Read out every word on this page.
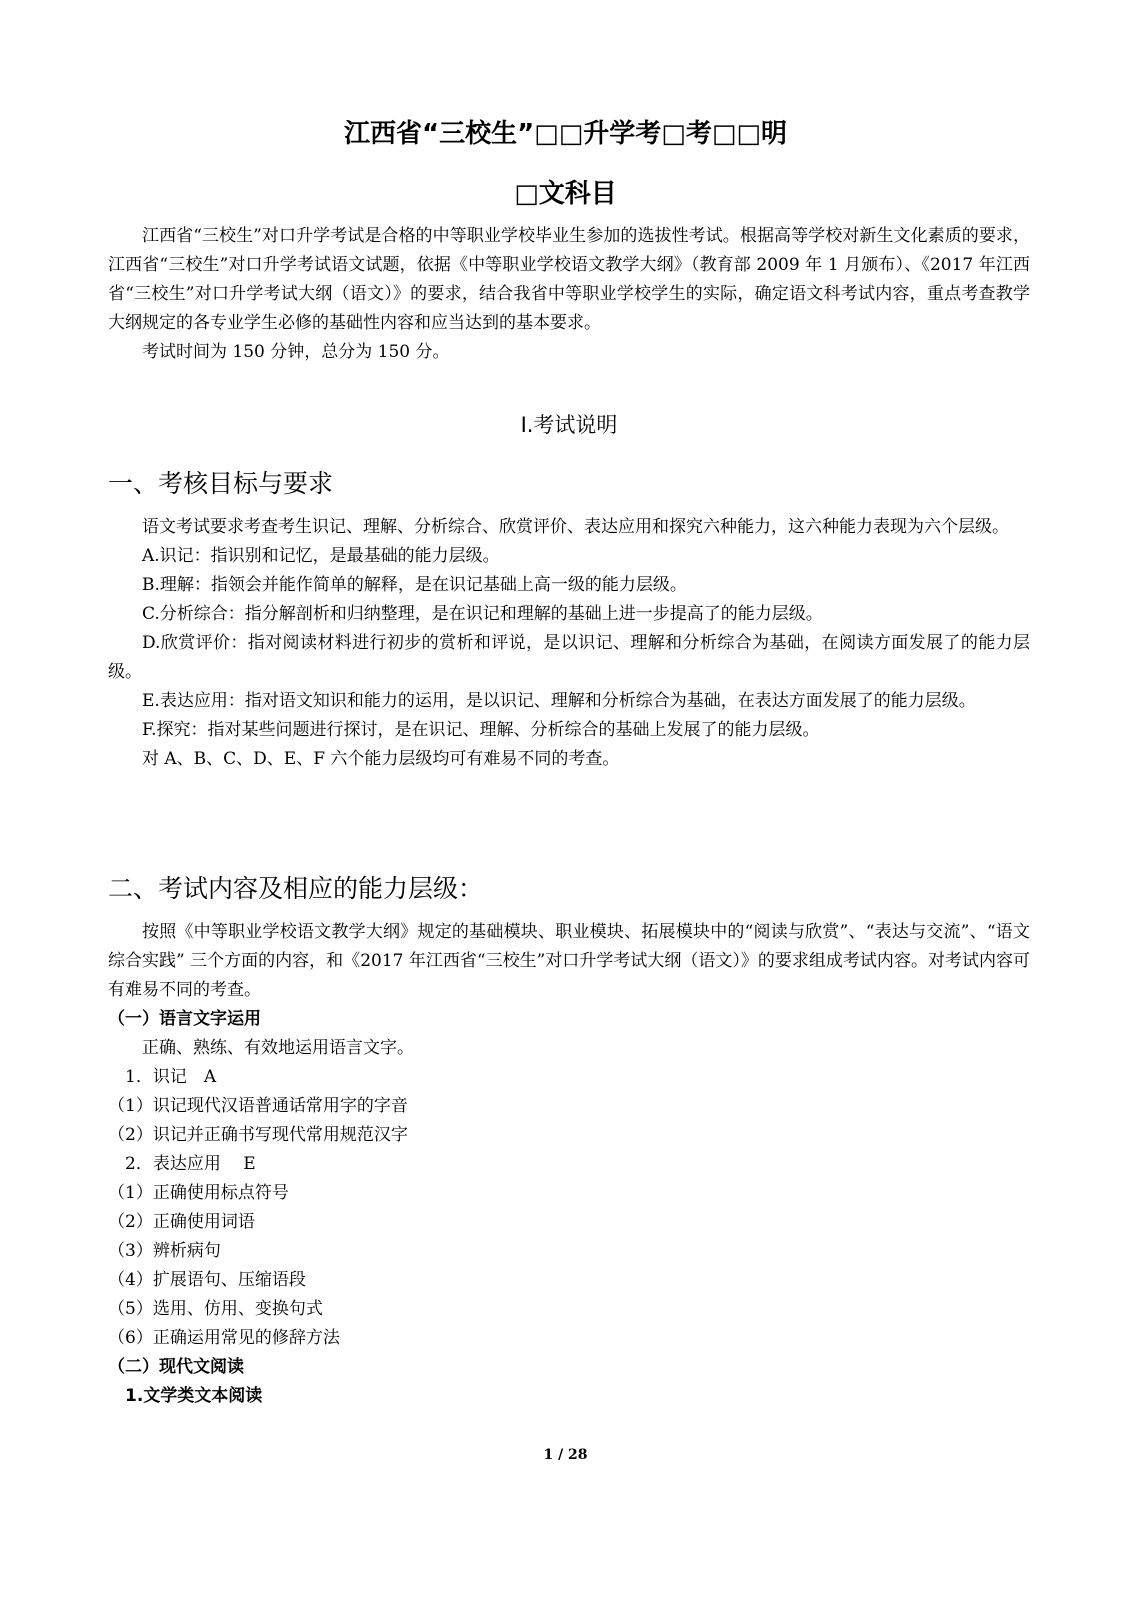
江西省“三校生”□□升学考□考□□明
□文科目

江西省“三校生”对口升学考试是合格的中等职业学校毕业生参加的选拔性考试。根据高等学校对新生文化素质的要求，江西省“三校生”对口升学考试语文试题，依据《中等职业学校语文教学大纲》（教育部 2009 年 1 月颁布）、《2017 年江西省“三校生”对口升学考试大纲（语文）》的要求，结合我省中等职业学校学生的实际，确定语文科考试内容，重点考查教学大纲规定的各专业学生必修的基础性内容和应当达到的基本要求。

考试时间为 150 分钟，总分为 150 分。

I.考试说明

一、考核目标与要求

语文考试要求考查考生识记、理解、分析综合、欣赏评价、表达应用和探究六种能力，这六种能力表现为六个层级。

A.识记：指识别和记忆，是最基础的能力层级。

B.理解：指领会并能作简单的解释，是在识记基础上高一级的能力层级。

C.分析综合：指分解剖析和归纳整理，是在识记和理解的基础上进一步提高了的能力层级。

D.欣赏评价：指对阅读材料进行初步的赏析和评说，是以识记、理解和分析综合为基础，在阅读方面发展了的能力层级。

E.表达应用：指对语文知识和能力的运用，是以识记、理解和分析综合为基础，在表达方面发展了的能力层级。

F.探究：指对某些问题进行探讨，是在识记、理解、分析综合的基础上发展了的能力层级。

对 A、B、C、D、E、F 六个能力层级均可有难易不同的考查。

二、考试内容及相应的能力层级：

按照《中等职业学校语文教学大纲》规定的基础模块、职业模块、拓展模块中的“阅读与欣赏”、“表达与交流”、“语文综合实践” 三个方面的内容，和《2017 年江西省“三校生”对口升学考试大纲（语文）》的要求组成考试内容。对考试内容可有难易不同的考查。

（一）语言文字运用

正确、熟练、有效地运用语言文字。

1．识记　A

（1）识记现代汉语普通话常用字的字音

（2）识记并正确书写现代常用规范汉字

2．表达应用　 E

（1）正确使用标点符号

（2）正确使用词语

（3）辨析病句

（4）扩展语句、压缩语段

（5）选用、仿用、变换句式

（6）正确运用常见的修辞方法

（二）现代文阅读

1.文学类文本阅读

1 / 28
